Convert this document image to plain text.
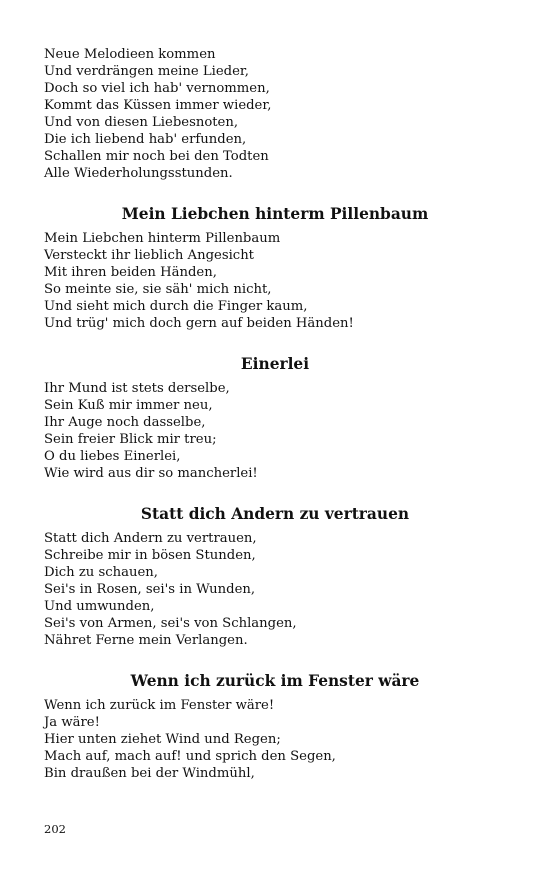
Neue Melodieen kommen
Und verdrängen meine Lieder,
Doch so viel ich hab' vernommen,
Kommt das Küssen immer wieder,
Und von diesen Liebesnoten,
Die ich liebend hab' erfunden,
Schallen mir noch bei den Todten
Alle Wiederholungsstunden.
Mein Liebchen hinterm Pillenbaum
Mein Liebchen hinterm Pillenbaum
Versteckt ihr lieblich Angesicht
Mit ihren beiden Händen,
So meinte sie, sie säh' mich nicht,
Und sieht mich durch die Finger kaum,
Und trüg' mich doch gern auf beiden Händen!
Einerlei
Ihr Mund ist stets derselbe,
Sein Kuß mir immer neu,
Ihr Auge noch dasselbe,
Sein freier Blick mir treu;
O du liebes Einerlei,
Wie wird aus dir so mancherlei!
Statt dich Andern zu vertrauen
Statt dich Andern zu vertrauen,
Schreibe mir in bösen Stunden,
Dich zu schauen,
Sei's in Rosen, sei's in Wunden,
Und umwunden,
Sei's von Armen, sei's von Schlangen,
Nähret Ferne mein Verlangen.
Wenn ich zurück im Fenster wäre
Wenn ich zurück im Fenster wäre!
Ja wäre!
Hier unten ziehet Wind und Regen;
Mach auf, mach auf! und sprich den Segen,
Bin draußen bei der Windmühl,
202
